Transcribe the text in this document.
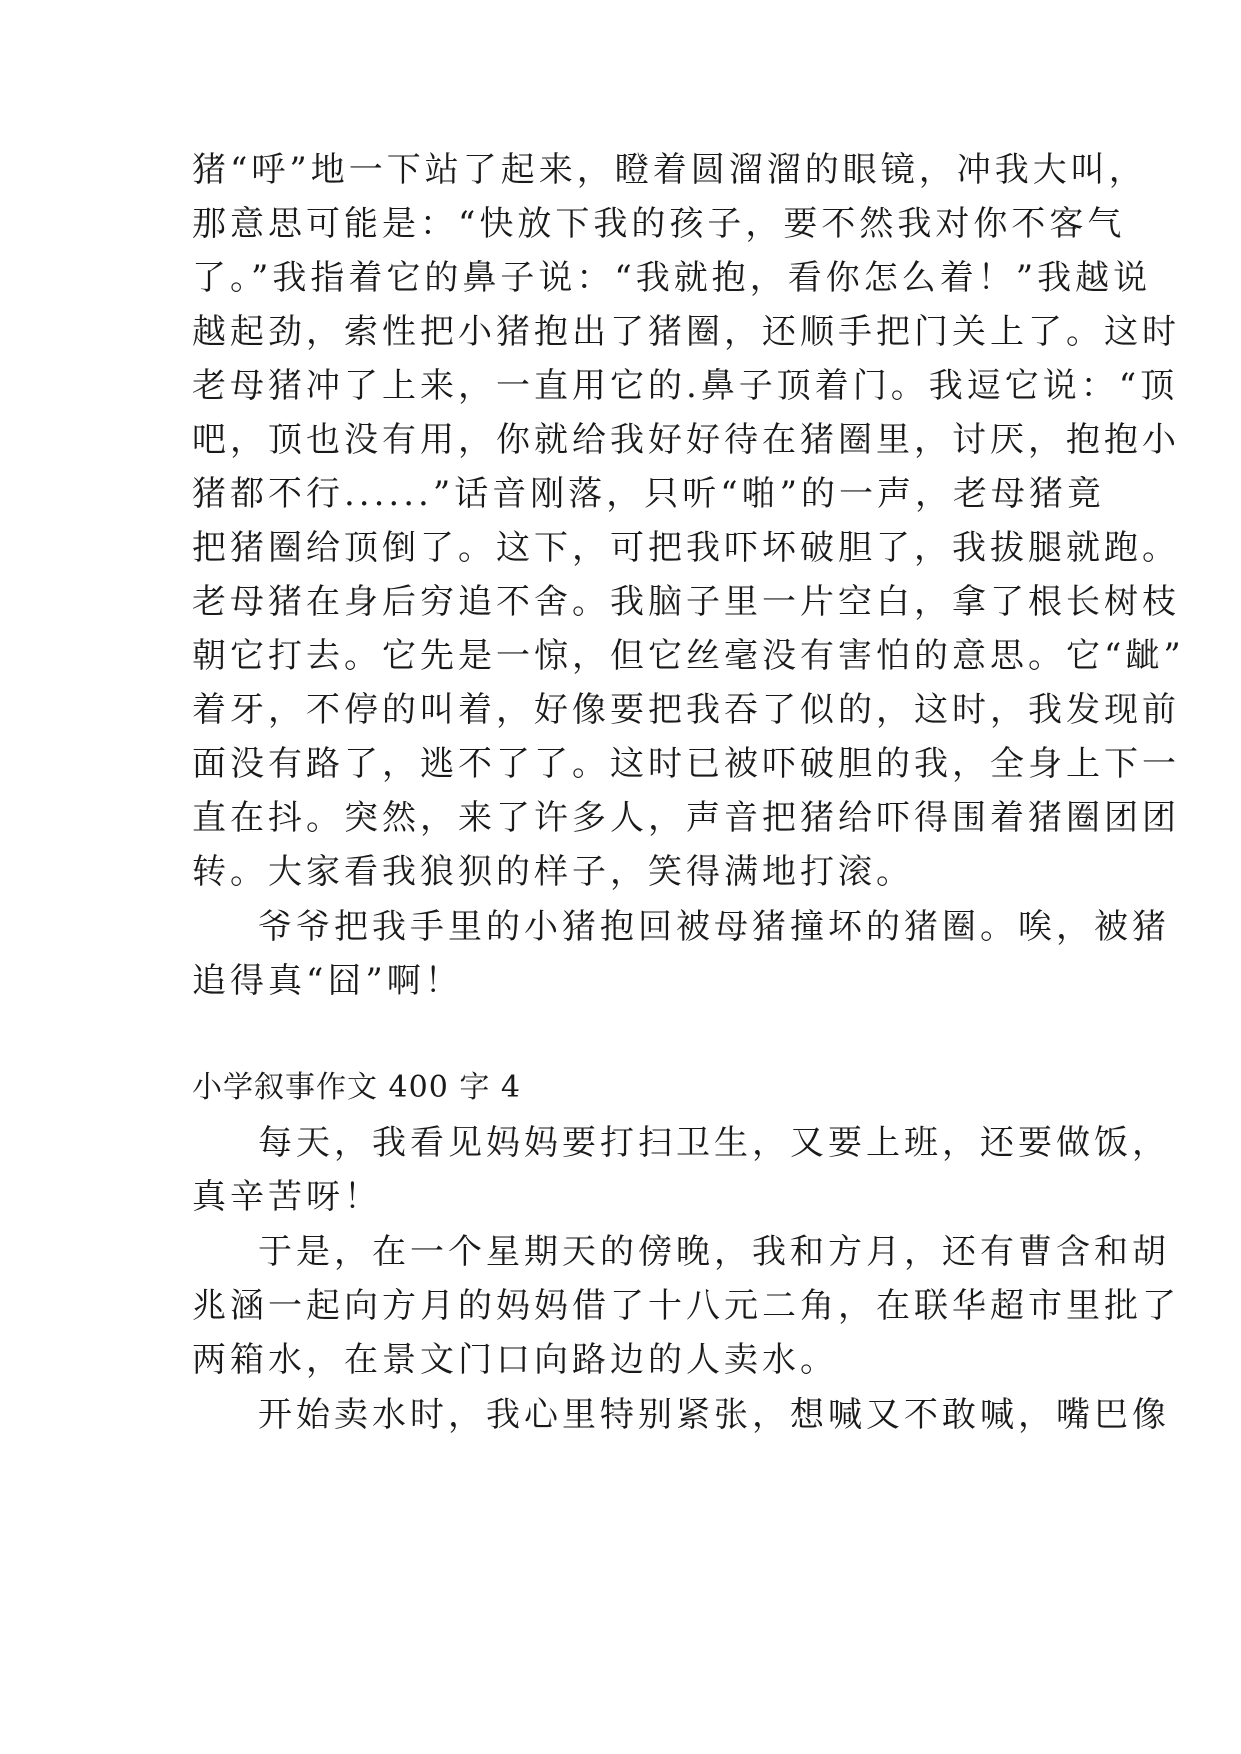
猪“呼”地一下站了起来，瞪着圆溜溜的眼镜，冲我大叫，
那意思可能是：“快放下我的孩子，要不然我对你不客气
了。”我指着它的鼻子说：“我就抱，看你怎么着！”我越说
越起劲，索性把小猪抱出了猪圈，还顺手把门关上了。这时
老母猪冲了上来，一直用它的.鼻子顶着门。我逗它说：“顶
吧，顶也没有用，你就给我好好待在猪圈里，讨厌，抱抱小
猪都不行......”话音刚落，只听“啪”的一声，老母猪竟
把猪圈给顶倒了。这下，可把我吓坏破胆了，我拔腿就跑。
老母猪在身后穷追不舍。我脑子里一片空白，拿了根长树枝
朝它打去。它先是一惊，但它丝毫没有害怕的意思。它“龇”
着牙，不停的叫着，好像要把我吞了似的，这时，我发现前
面没有路了，逃不了了。这时已被吓破胆的我，全身上下一
直在抖。突然，来了许多人，声音把猪给吓得围着猪圈团团
转。大家看我狼狈的样子，笑得满地打滚。
爷爷把我手里的小猪抱回被母猪撞坏的猪圈。唉，被猪
追得真“囧”啊！
小学叙事作文 400 字 4
每天，我看见妈妈要打扫卫生，又要上班，还要做饭，
真辛苦呀！
于是，在一个星期天的傍晚，我和方月，还有曹含和胡
兆涵一起向方月的妈妈借了十八元二角，在联华超市里批了
两箱水，在景文门口向路边的人卖水。
开始卖水时，我心里特别紧张，想喊又不敢喊，嘴巴像
